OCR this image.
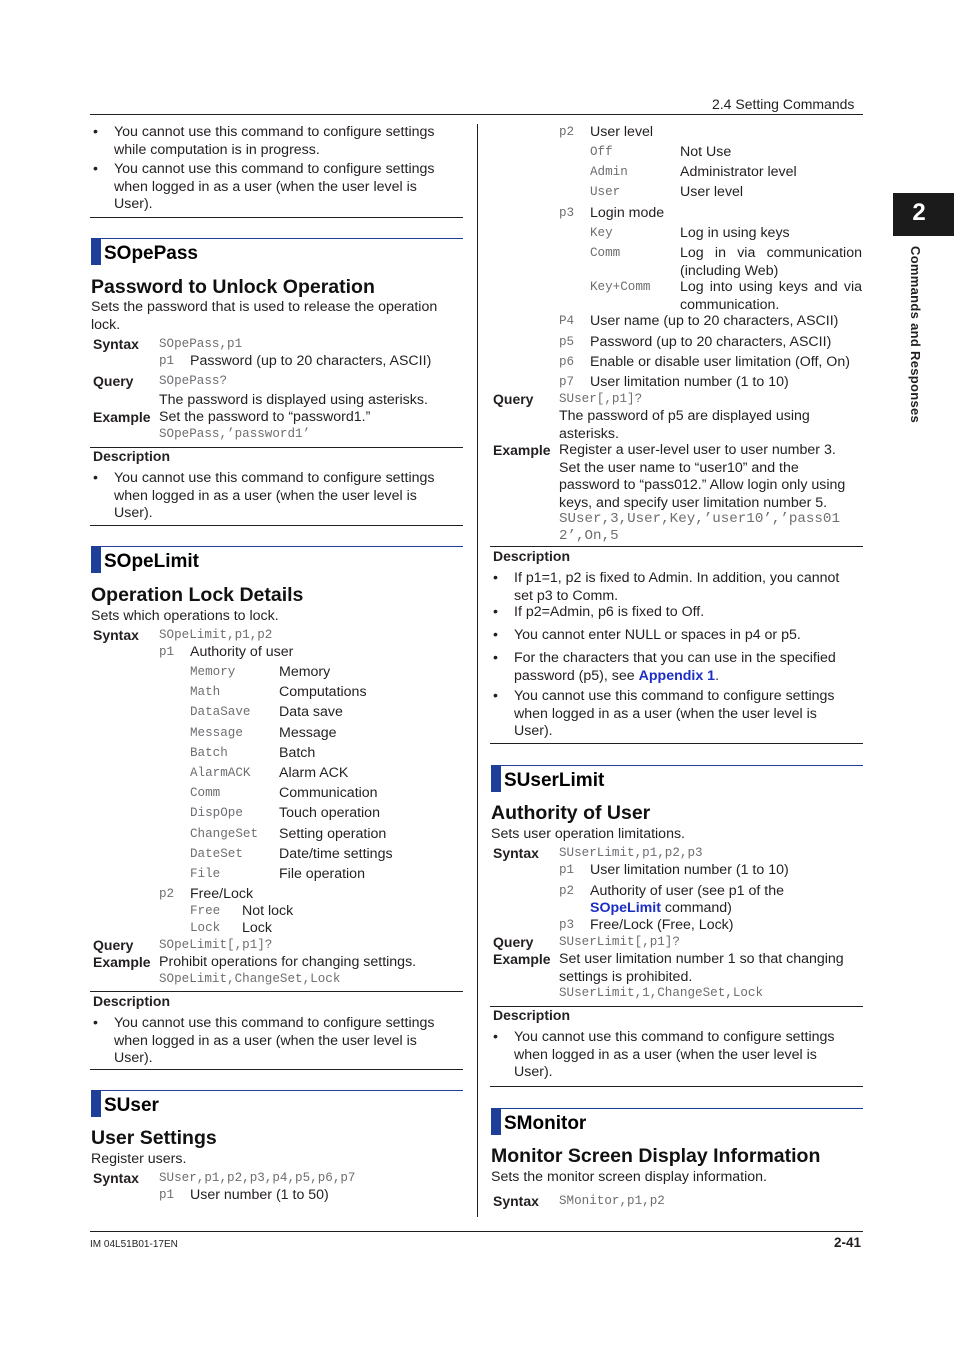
2.4 Setting Commands
2
Commands and Responses
• You cannot use this command to configure settings while computation is in progress.
• You cannot use this command to configure settings when logged in as a user (when the user level is User).
SOpePass
Password to Unlock Operation
Sets the password that is used to release the operation lock.
Syntax SOpePass,p1
p1 Password (up to 20 characters, ASCII)
Query SOpePass?
The password is displayed using asterisks.
Example Set the password to “password1.”
SOpePass,’password1’
Description
• You cannot use this command to configure settings when logged in as a user (when the user level is User).
SOpeLimit
Operation Lock Details
Sets which operations to lock.
Syntax SOpeLimit,p1,p2
p1 Authority of user
Memory	Memory
Math	Computations
DataSave Data save
Message	Message
Batch	Batch
AlarmACK Alarm ACK
Comm	Communication
DispOpe	Touch operation
ChangeSet Setting operation
DateSet	Date/time settings
File	File operation
p2 Free/Lock
Free Not lock
Lock Lock
Query SOpeLimit[,p1]?
Example Prohibit operations for changing settings.
SOpeLimit,ChangeSet,Lock
Description
• You cannot use this command to configure settings when logged in as a user (when the user level is User).
SUser
User Settings
Register users.
Syntax SUser,p1,p2,p3,p4,p5,p6,p7
p1 User number (1 to 50)
p2 User level
Off	Not Use
Admin	Administrator level
User	User level
p3 Login mode
Key	Log in using keys
Comm	Log in via communication (including Web)
Key+Comm Log into using keys and via communication.
P4 User name (up to 20 characters, ASCII)
p5 Password (up to 20 characters, ASCII)
p6 Enable or disable user limitation (Off, On)
p7 User limitation number (1 to 10)
Query SUser[,p1]?
The password of p5 are displayed using asterisks.
Example Register a user-level user to user number 3. Set the user name to “user10” and the password to “pass012.” Allow login only using keys, and specify user limitation number 5.
SUser,3,User,Key,’user10’,’pass012’,On,5
Description
• If p1=1, p2 is fixed to Admin. In addition, you cannot set p3 to Comm.
• If p2=Admin, p6 is fixed to Off.
• You cannot enter NULL or spaces in p4 or p5.
• For the characters that you can use in the specified password (p5), see Appendix 1.
• You cannot use this command to configure settings when logged in as a user (when the user level is User).
SUserLimit
Authority of User
Sets user operation limitations.
Syntax SUserLimit,p1,p2,p3
p1 User limitation number (1 to 10)
p2 Authority of user (see p1 of the
SOpeLimit command)
p3 Free/Lock (Free, Lock)
Query SUserLimit[,p1]?
Example Set user limitation number 1 so that changing settings is prohibited.
SUserLimit,1,ChangeSet,Lock
Description
• You cannot use this command to configure settings when logged in as a user (when the user level is User).
SMonitor
Monitor Screen Display Information
Sets the monitor screen display information.
Syntax SMonitor,p1,p2
IM 04L51B01-17EN	2-41
